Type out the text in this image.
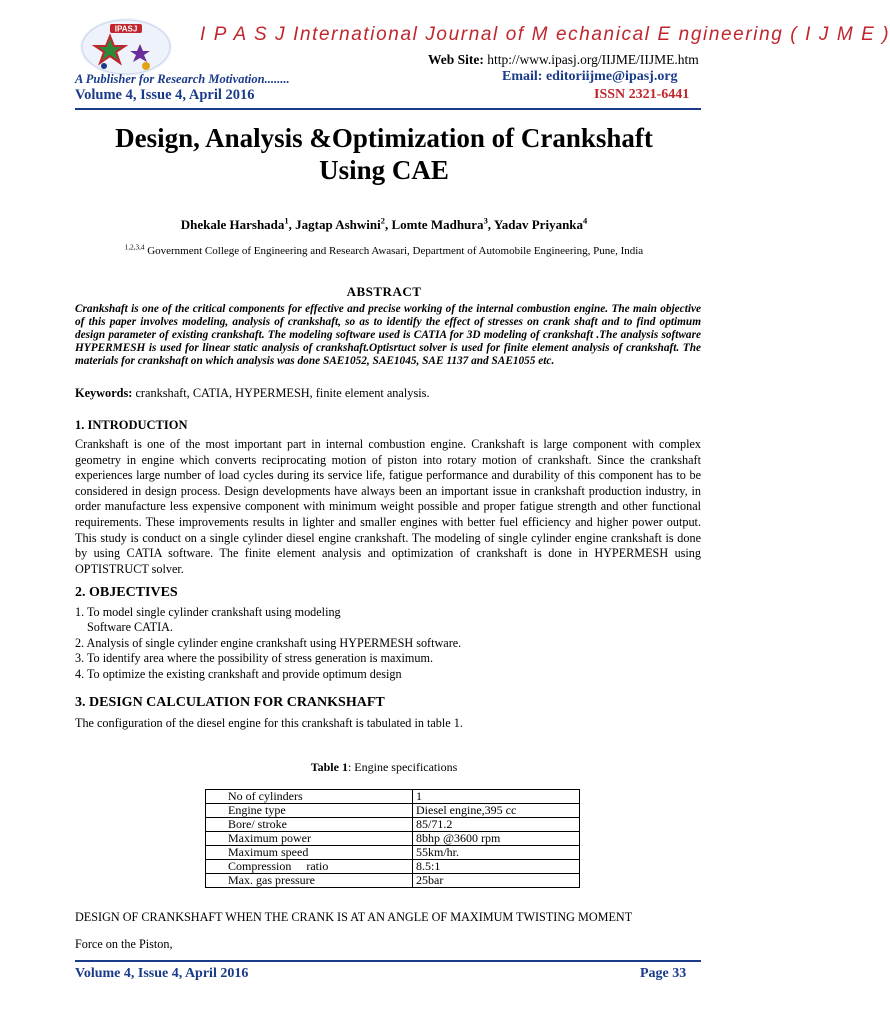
IPASJ	I P A S J International Journal of M echanical E ngineering ( I J M E )
Web Site: http://www.ipasj.org/IIJME/IIJME.htm
A Publisher for Research Motivation........	Email: editoriijme@ipasj.org
Volume 4, Issue 4, April 2016	ISSN 2321-6441
Design, Analysis &Optimization of Crankshaft Using CAE
Dhekale Harshada$^1$, Jagtap Ashwini$^2$, Lomte Madhura$^3$, Yadav Priyanka$^4$
$^{1,2,3,4}$ Government College of Engineering and Research Awasari, Department of Automobile Engineering, Pune, India
ABSTRACT
Crankshaft is one of the critical components for effective and precise working of the internal combustion engine. The main objective of this paper involves modeling, analysis of crankshaft, so as to identify the effect of stresses on crank shaft and to find optimum design parameter of existing crankshaft. The modeling software used is CATIA for 3D modeling of crankshaft .The analysis software HYPERMESH is used for linear static analysis of crankshaft.Optisrtuct solver is used for finite element analysis of crankshaft. The materials for crankshaft on which analysis was done SAE1052, SAE1045, SAE 1137 and SAE1055 etc.
Keywords: crankshaft, CATIA, HYPERMESH, finite element analysis.
1. INTRODUCTION
Crankshaft is one of the most important part in internal combustion engine. Crankshaft is large component with complex geometry in engine which converts reciprocating motion of piston into rotary motion of crankshaft. Since the crankshaft experiences large number of load cycles during its service life, fatigue performance and durability of this component has to be considered in design process. Design developments have always been an important issue in crankshaft production industry, in order manufacture less expensive component with minimum weight possible and proper fatigue strength and other functional requirements. These improvements results in lighter and smaller engines with better fuel efficiency and higher power output. This study is conduct on a single cylinder diesel engine crankshaft. The modeling of single cylinder engine crankshaft is done by using CATIA software. The finite element analysis and optimization of crankshaft is done in HYPERMESH using OPTISTRUCT solver.
2. OBJECTIVES
1. To model single cylinder crankshaft using modeling
Software CATIA.
2. Analysis of single cylinder engine crankshaft using HYPERMESH software.
3. To identify area where the possibility of stress generation is maximum.
4. To optimize the existing crankshaft and provide optimum design
3. DESIGN CALCULATION FOR CRANKSHAFT
The configuration of the diesel engine for this crankshaft is tabulated in table 1.
Table 1: Engine specifications
No of cylinders	1
Engine type	Diesel engine,395 cc
Bore/ stroke	85/71.2
Maximum power	8bhp @3600 rpm
Maximum speed	55km/hr.
Compression     ratio	8.5:1
Max. gas pressure	25bar
DESIGN OF CRANKSHAFT WHEN THE CRANK IS AT AN ANGLE OF MAXIMUM TWISTING MOMENT
Force on the Piston,
Volume 4, Issue 4, April 2016	Page 33
